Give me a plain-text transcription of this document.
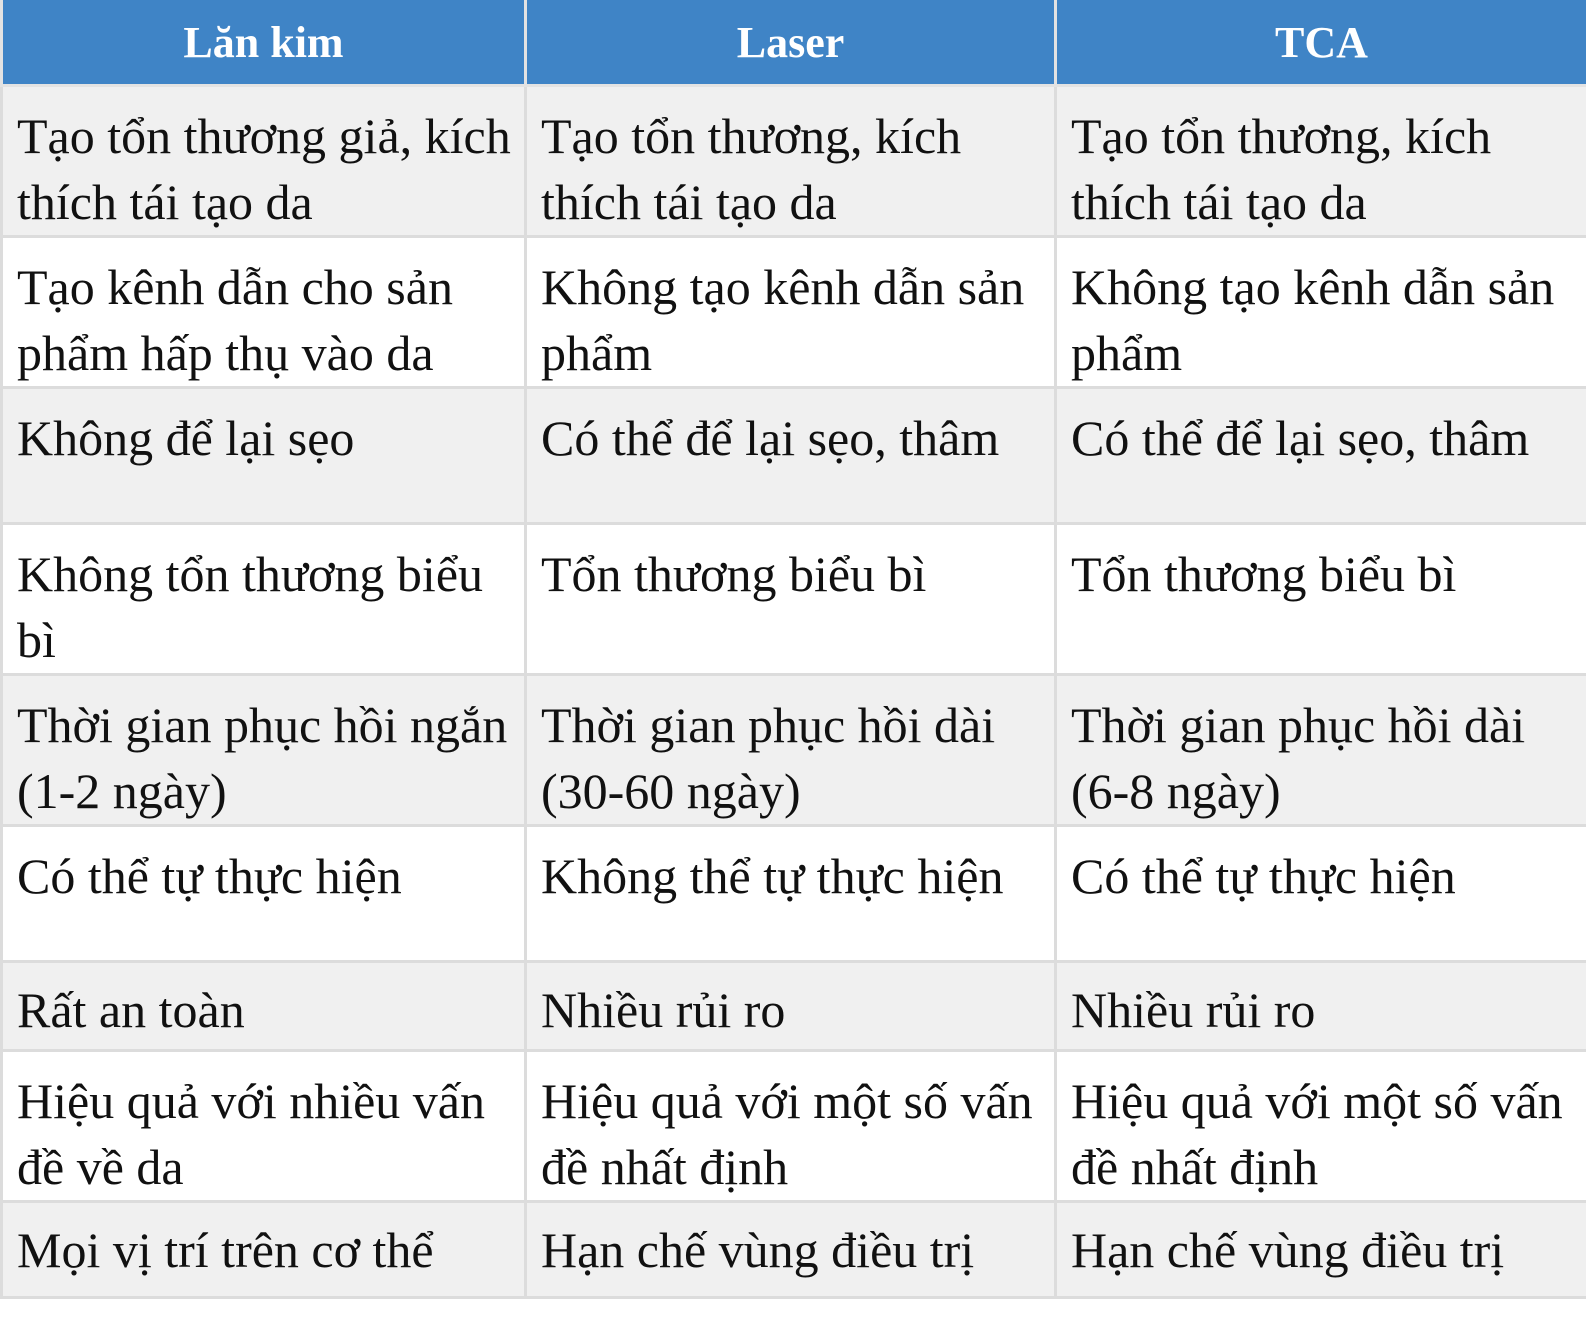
Lăn kim	Laser	TCA
Tạo tổn thương giả, kích thích tái tạo da	Tạo tổn thương, kích thích tái tạo da	Tạo tổn thương, kích thích tái tạo da
Tạo kênh dẫn cho sản phẩm hấp thụ vào da	Không tạo kênh dẫn sản phẩm	Không tạo kênh dẫn sản phẩm
Không để lại sẹo	Có thể để lại sẹo, thâm	Có thể để lại sẹo, thâm
Không tổn thương biểu bì	Tổn thương biểu bì	Tổn thương biểu bì
Thời gian phục hồi ngắn (1-2 ngày)	Thời gian phục hồi dài (30-60 ngày)	Thời gian phục hồi dài (6-8 ngày)
Có thể tự thực hiện	Không thể tự thực hiện	Có thể tự thực hiện
Rất an toàn	Nhiều rủi ro	Nhiều rủi ro
Hiệu quả với nhiều vấn đề về da	Hiệu quả với một số vấn đề nhất định	Hiệu quả với một số vấn đề nhất định
Mọi vị trí trên cơ thể	Hạn chế vùng điều trị	Hạn chế vùng điều trị
